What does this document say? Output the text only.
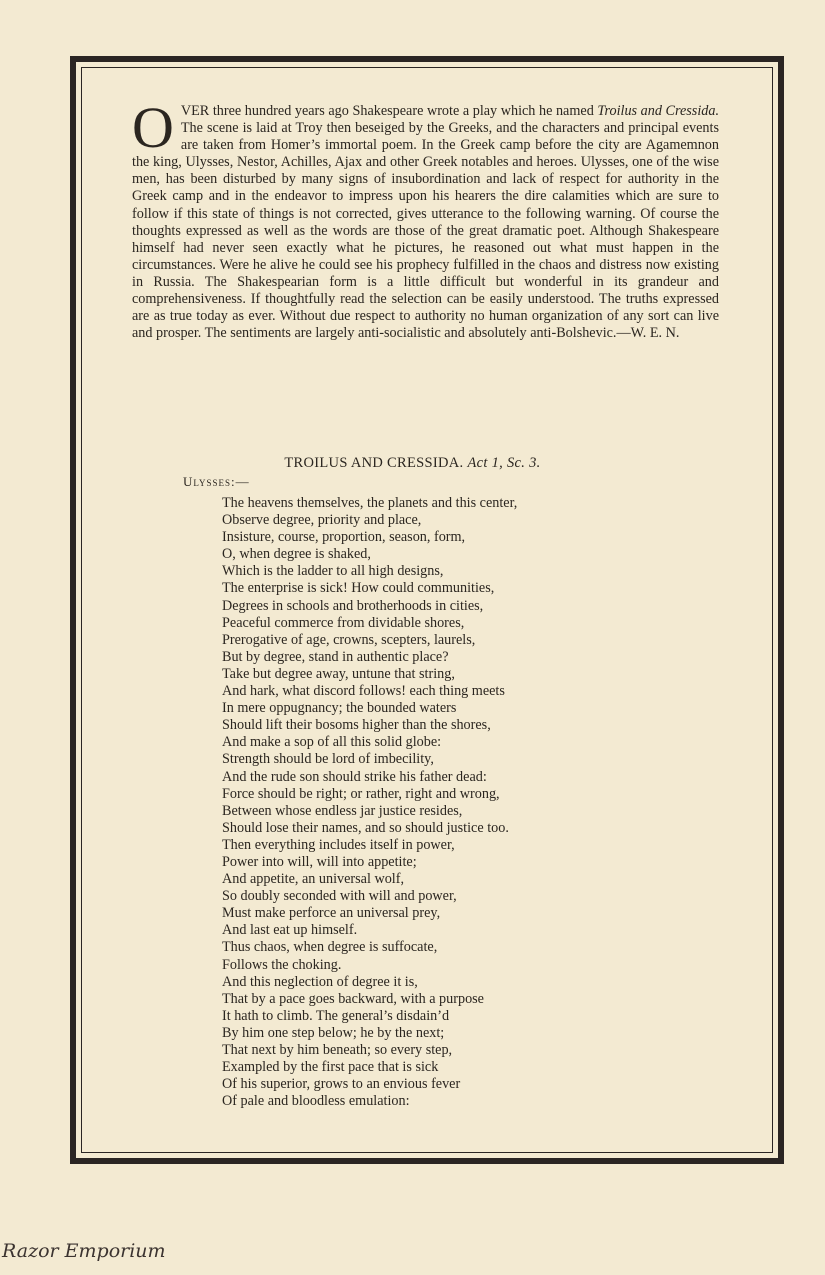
OVER three hundred years ago Shakespeare wrote a play which he named Troilus and Cressida. The scene is laid at Troy then beseiged by the Greeks, and the characters and principal events are taken from Homer’s immortal poem. In the Greek camp before the city are Agamemnon the king, Ulysses, Nestor, Achilles, Ajax and other Greek notables and heroes. Ulysses, one of the wise men, has been disturbed by many signs of insubordination and lack of respect for authority in the Greek camp and in the endeavor to impress upon his hearers the dire calamities which are sure to follow if this state of things is not corrected, gives utterance to the following warning. Of course the thoughts expressed as well as the words are those of the great dramatic poet. Although Shakespeare himself had never seen exactly what he pictures, he reasoned out what must happen in the circumstances. Were he alive he could see his prophecy fulfilled in the chaos and distress now existing in Russia. The Shakespearian form is a little difficult but wonderful in its grandeur and comprehensiveness. If thoughtfully read the selection can be easily understood. The truths expressed are as true today as ever. Without due respect to authority no human organization of any sort can live and prosper. The sentiments are largely anti-socialistic and absolutely anti-Bolshevic.—W. E. N.

TROILUS AND CRESSIDA. Act 1, Sc. 3.
Ulysses:—
The heavens themselves, the planets and this center,
Observe degree, priority and place,
Insisture, course, proportion, season, form,
O, when degree is shaked,
Which is the ladder to all high designs,
The enterprise is sick! How could communities,
Degrees in schools and brotherhoods in cities,
Peaceful commerce from dividable shores,
Prerogative of age, crowns, scepters, laurels,
But by degree, stand in authentic place?
Take but degree away, untune that string,
And hark, what discord follows! each thing meets
In mere oppugnancy; the bounded waters
Should lift their bosoms higher than the shores,
And make a sop of all this solid globe:
Strength should be lord of imbecility,
And the rude son should strike his father dead:
Force should be right; or rather, right and wrong,
Between whose endless jar justice resides,
Should lose their names, and so should justice too.
Then everything includes itself in power,
Power into will, will into appetite;
And appetite, an universal wolf,
So doubly seconded with will and power,
Must make perforce an universal prey,
And last eat up himself.
Thus chaos, when degree is suffocate,
Follows the choking.
And this neglection of degree it is,
That by a pace goes backward, with a purpose
It hath to climb. The general’s disdain’d
By him one step below; he by the next;
That next by him beneath; so every step,
Exampled by the first pace that is sick
Of his superior, grows to an envious fever
Of pale and bloodless emulation:
Razor Emporium
